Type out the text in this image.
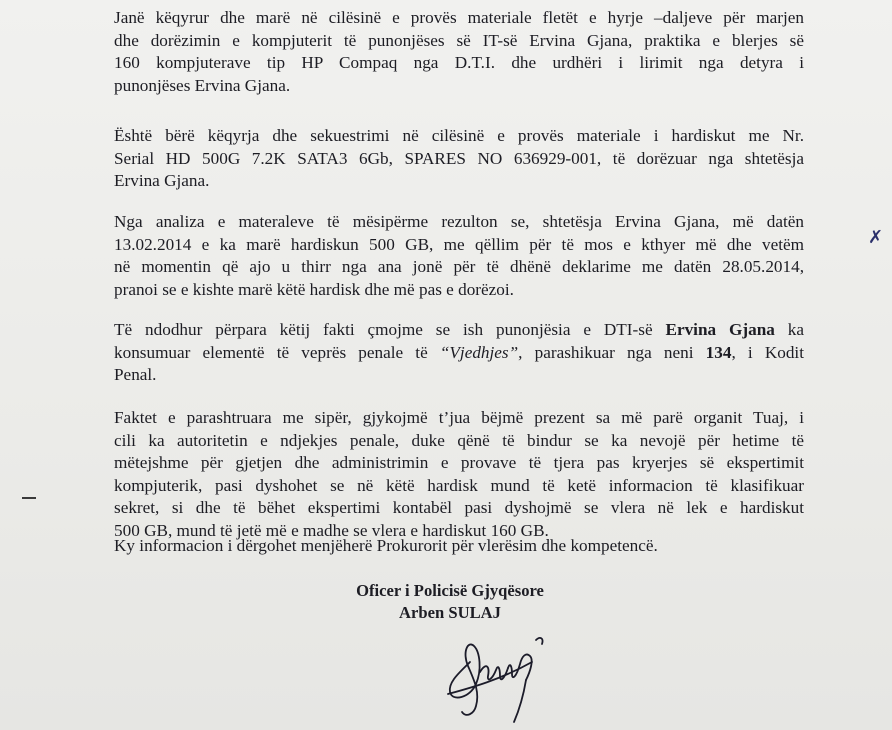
Janë këqyrur dhe marë në cilësinë e provës materiale fletët e hyrje –daljeve për marjen
dhe dorëzimin e kompjuterit të punonjëses së IT-së Ervina Gjana, praktika e blerjes së
160 kompjuterave tip HP Compaq nga D.T.I. dhe urdhëri i lirimit nga detyra i
punonjëses Ervina Gjana.
Është bërë këqyrja dhe sekuestrimi në cilësinë e provës materiale i hardiskut me Nr.
Serial HD 500G 7.2K SATA3 6Gb, SPARES NO 636929-001, të dorëzuar nga shtetësja
Ervina Gjana.
Nga analiza e materaleve të mësipërme rezulton se, shtetësja Ervina Gjana, më datën
13.02.2014 e ka marë hardiskun 500 GB, me qëllim për të mos e kthyer më dhe vetëm
në momentin që ajo u thirr nga ana jonë për të dhënë deklarime me datën 28.05.2014,
pranoi se e kishte marë këtë hardisk dhe më pas e dorëzoi.
Të ndodhur përpara këtij fakti çmojme se ish punonjësia e DTI-së Ervina Gjana ka
konsumuar elementë të veprës penale të “Vjedhjes”, parashikuar nga neni 134, i Kodit
Penal.
Faktet e parashtruara me sipër, gjykojmë t’jua bëjmë prezent sa më parë organit Tuaj, i
cili ka autoritetin e ndjekjes penale, duke qënë të bindur se ka nevojë për hetime të
mëtejshme për gjetjen dhe administrimin e provave të tjera pas kryerjes së ekspertimit
kompjuterik, pasi dyshohet se në këtë hardisk mund të ketë informacion të klasifikuar
sekret, si dhe të bëhet ekspertimi kontabël pasi dyshojmë se vlera në lek e hardiskut
500 GB, mund të jetë më e madhe se vlera e hardiskut 160 GB.
Ky informacion i dërgohet menjëherë Prokurorit për vlerësim dhe kompetencë.
Oficer i Policisë Gjyqësore
Arben SULAJ
✗
